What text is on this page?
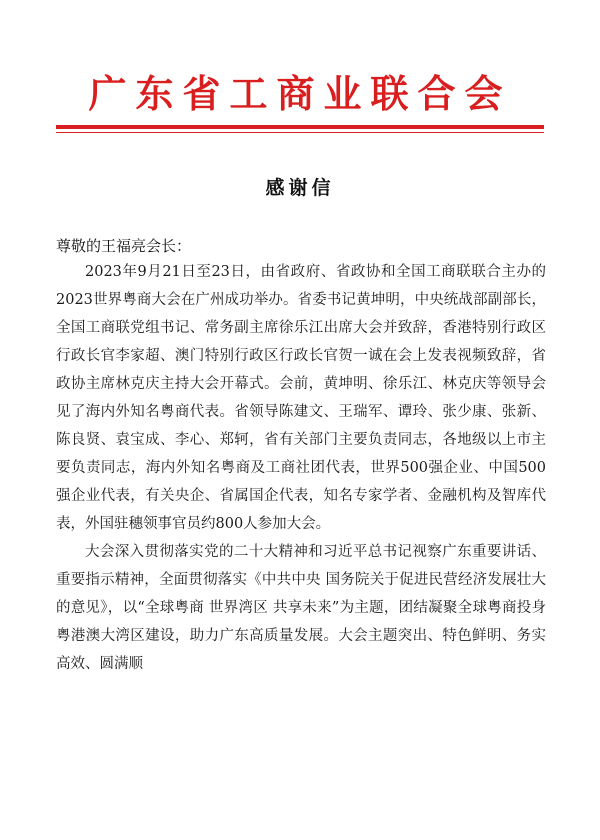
广东省工商业联合会
感谢信
尊敬的王福亮会长：

2023年9月21日至23日，由省政府、省政协和全国工商联联合主办的2023世界粤商大会在广州成功举办。省委书记黄坤明，中央统战部副部长，全国工商联党组书记、常务副主席徐乐江出席大会并致辞，香港特别行政区行政长官李家超、澳门特别行政区行政长官贺一诚在会上发表视频致辞，省政协主席林克庆主持大会开幕式。会前，黄坤明、徐乐江、林克庆等领导会见了海内外知名粤商代表。省领导陈建文、王瑞军、谭玲、张少康、张新、陈良贤、袁宝成、李心、郑轲，省有关部门主要负责同志，各地级以上市主要负责同志，海内外知名粤商及工商社团代表，世界500强企业、中国500强企业代表，有关央企、省属国企代表，知名专家学者、金融机构及智库代表，外国驻穗领事官员约800人参加大会。

大会深入贯彻落实党的二十大精神和习近平总书记视察广东重要讲话、重要指示精神，全面贯彻落实《中共中央 国务院关于促进民营经济发展壮大的意见》，以“全球粤商 世界湾区 共享未来”为主题，团结凝聚全球粤商投身粤港澳大湾区建设，助力广东高质量发展。大会主题突出、特色鲜明、务实高效、圆满顺
